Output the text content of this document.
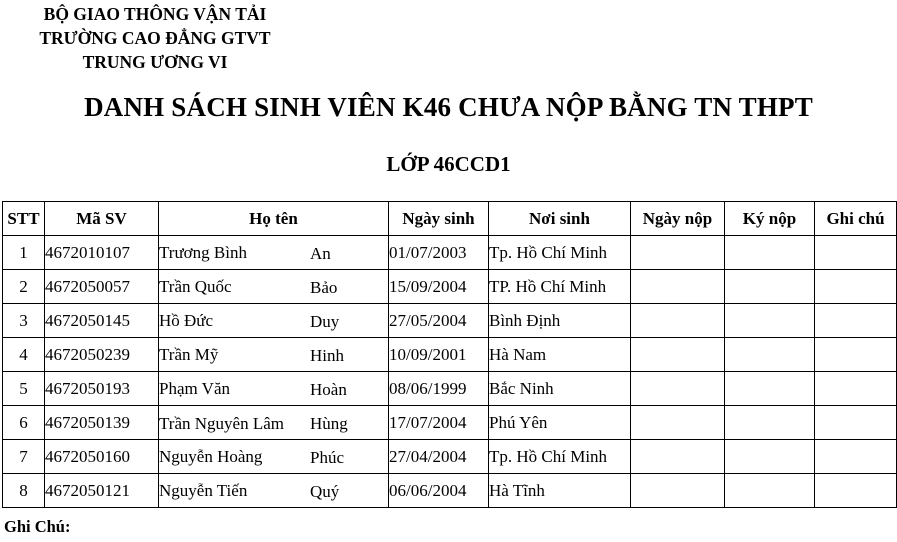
BỘ GIAO THÔNG VẬN TẢI
TRƯỜNG CAO ĐẲNG GTVT
TRUNG ƯƠNG VI
DANH SÁCH SINH VIÊN K46 CHƯA NỘP BẰNG TN THPT
LỚP 46CCD1
STT	Mã SV	Họ tên	Ngày sinh	Nơi sinh	Ngày nộp	Ký nộp	Ghi chú
1	4672010107	Trương Bình An	01/07/2003	Tp. Hồ Chí Minh			
2	4672050057	Trần Quốc Bảo	15/09/2004	TP. Hồ Chí Minh			
3	4672050145	Hồ Đức Duy	27/05/2004	Bình Định			
4	4672050239	Trần Mỹ Hinh	10/09/2001	Hà Nam			
5	4672050193	Phạm Văn Hoàn	08/06/1999	Bắc Ninh			
6	4672050139	Trần Nguyên Lâm Hùng	17/07/2004	Phú Yên			
7	4672050160	Nguyễn Hoàng Phúc	27/04/2004	Tp. Hồ Chí Minh			
8	4672050121	Nguyễn Tiến Quý	06/06/2004	Hà Tĩnh			
Ghi Chú:
